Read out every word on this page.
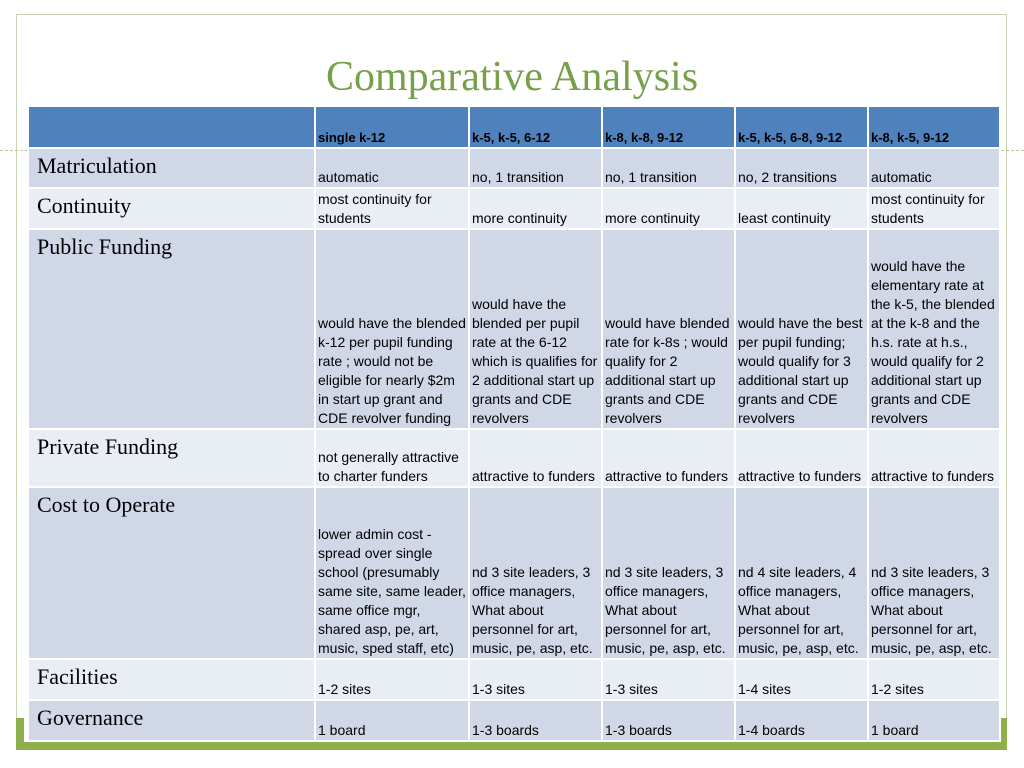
Comparative Analysis
	single k-12	k-5, k-5, 6-12	k-8, k-8, 9-12	k-5, k-5, 6-8, 9-12	k-8, k-5, 9-12
Matriculation	automatic	no, 1 transition	no, 1 transition	no, 2 transitions	automatic
Continuity	most continuity for students	more continuity	more continuity	least continuity	most continuity for students
Public Funding	would have the blended k-12 per pupil funding rate ; would not be eligible for nearly $2m in start up grant and CDE revolver funding	would have the blended per pupil rate at the 6-12 which is qualifies for 2 additional start up grants and CDE revolvers	would have blended rate for k-8s ; would qualify for 2 additional start up grants and CDE revolvers	would have the best per pupil funding; would qualify for 3 additional start up grants and CDE revolvers	would have the elementary rate at the k-5, the blended at the k-8 and the h.s. rate at h.s., would qualify for 2 additional start up grants and CDE revolvers
Private Funding	not generally attractive to charter funders	attractive to funders	attractive to funders	attractive to funders	attractive to funders
Cost to Operate	lower admin cost - spread over single school (presumably same site, same leader, same office mgr, shared asp, pe, art, music, sped staff, etc)	nd 3 site leaders, 3 office managers, What about personnel for art, music, pe, asp, etc.	nd 3 site leaders, 3 office managers, What about personnel for art, music, pe, asp, etc.	nd 4 site leaders, 4 office managers, What about personnel for art, music, pe, asp, etc.	nd 3 site leaders, 3 office managers, What about personnel for art, music, pe, asp, etc.
Facilities	1-2 sites	1-3 sites	1-3 sites	1-4 sites	1-2 sites
Governance	1 board	1-3 boards	1-3 boards	1-4 boards	1 board
